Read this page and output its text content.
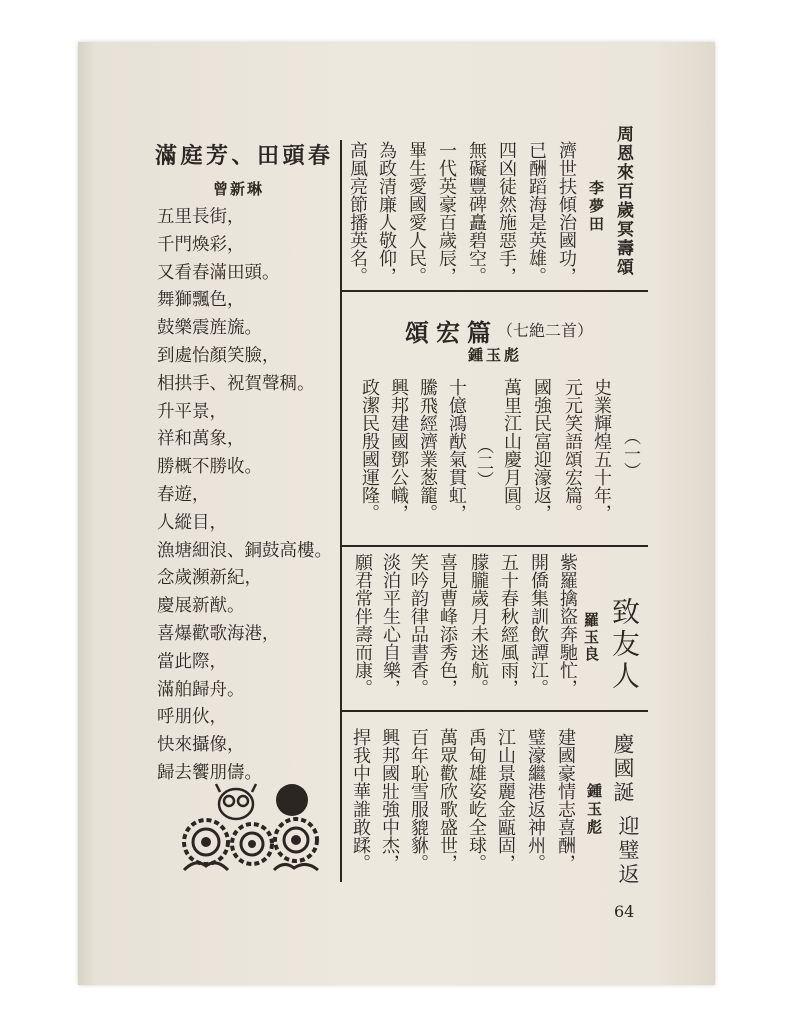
滿庭芳、田頭春
曾新琳
五里長街，
千門煥彩，
又看春滿田頭。
舞獅飄色，
鼓樂震旌旒。
到處怡顏笑臉，
相拱手、祝賀聲稠。
升平景，
祥和萬象，
勝概不勝收。
春遊，
人縱目，
漁塘細浪、銅鼓高樓。
念歲瀕新紀，
慶展新猷。
喜爆歡歌海港，
當此際，
滿舶歸舟。
呼朋伙，
快來攝像，
歸去饗朋儔。
周恩來百歲冥壽頌
李夢田
濟世扶傾治國功，
已酬蹈海是英雄。
四凶徒然施惡手，
無礙豐碑矗碧空。
一代英豪百歲辰，
畢生愛國愛人民。
為政清廉人敬仰，
高風亮節播英名。
頌宏篇 （七絶二首）
鍾玉彪
（一）
史業輝煌五十年，
元元笑語頌宏篇。
國強民富迎濠返，
萬里江山慶月圓。
（二）
十億鴻猷氣貫虹，
騰飛經濟業葱籠。
興邦建國鄧公幟，
政潔民殷國運隆。
致友人
羅玉良
紫羅擒盜奔馳忙，
開僑集訓飲譚江。
五十春秋經風雨，
朦朧歲月未迷航。
喜見曹峰添秀色，
笑吟韵律品書香。
淡泊平生心自樂，
願君常伴壽而康。
慶國誕
迎璧返
鍾玉彪
建國豪情志喜酬，
璧濠繼港返神州。
江山景麗金甌固，
禹甸雄姿屹全球。
萬眾歡欣歌盛世，
百年恥雪服貔貅。
興邦國壯強中杰，
捍我中華誰敢蹂。
64
